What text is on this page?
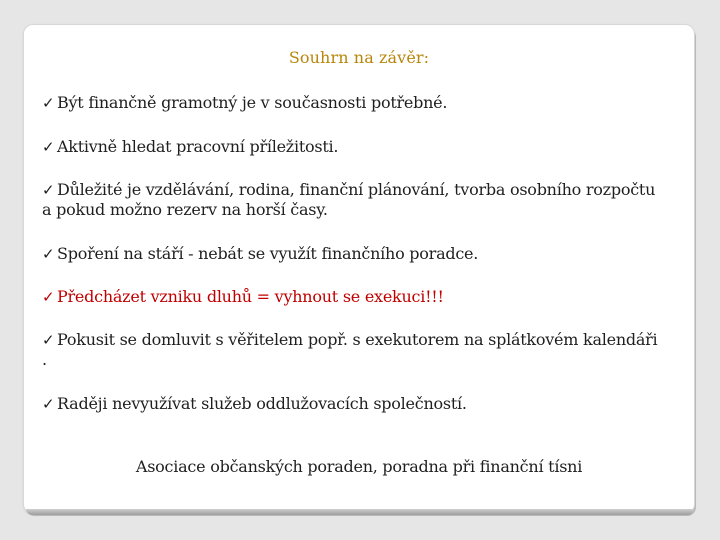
Souhrn na závěr:
✓ Být finančně gramotný je v současnosti potřebné.
✓ Aktivně hledat pracovní příležitosti.
✓ Důležité je vzdělávání, rodina, finanční plánování, tvorba osobního rozpočtu a pokud možno rezerv na horší časy.
✓ Spoření na stáří - nebát se využít finančního poradce.
✓ Předcházet vzniku dluhů = vyhnout se exekuci!!!
✓ Pokusit se domluvit s věřitelem popř. s exekutorem na splátkovém kalendáři .
✓ Raději nevyužívat služeb oddlužovacích společností.
Asociace občanských poraden, poradna při finanční tísni
